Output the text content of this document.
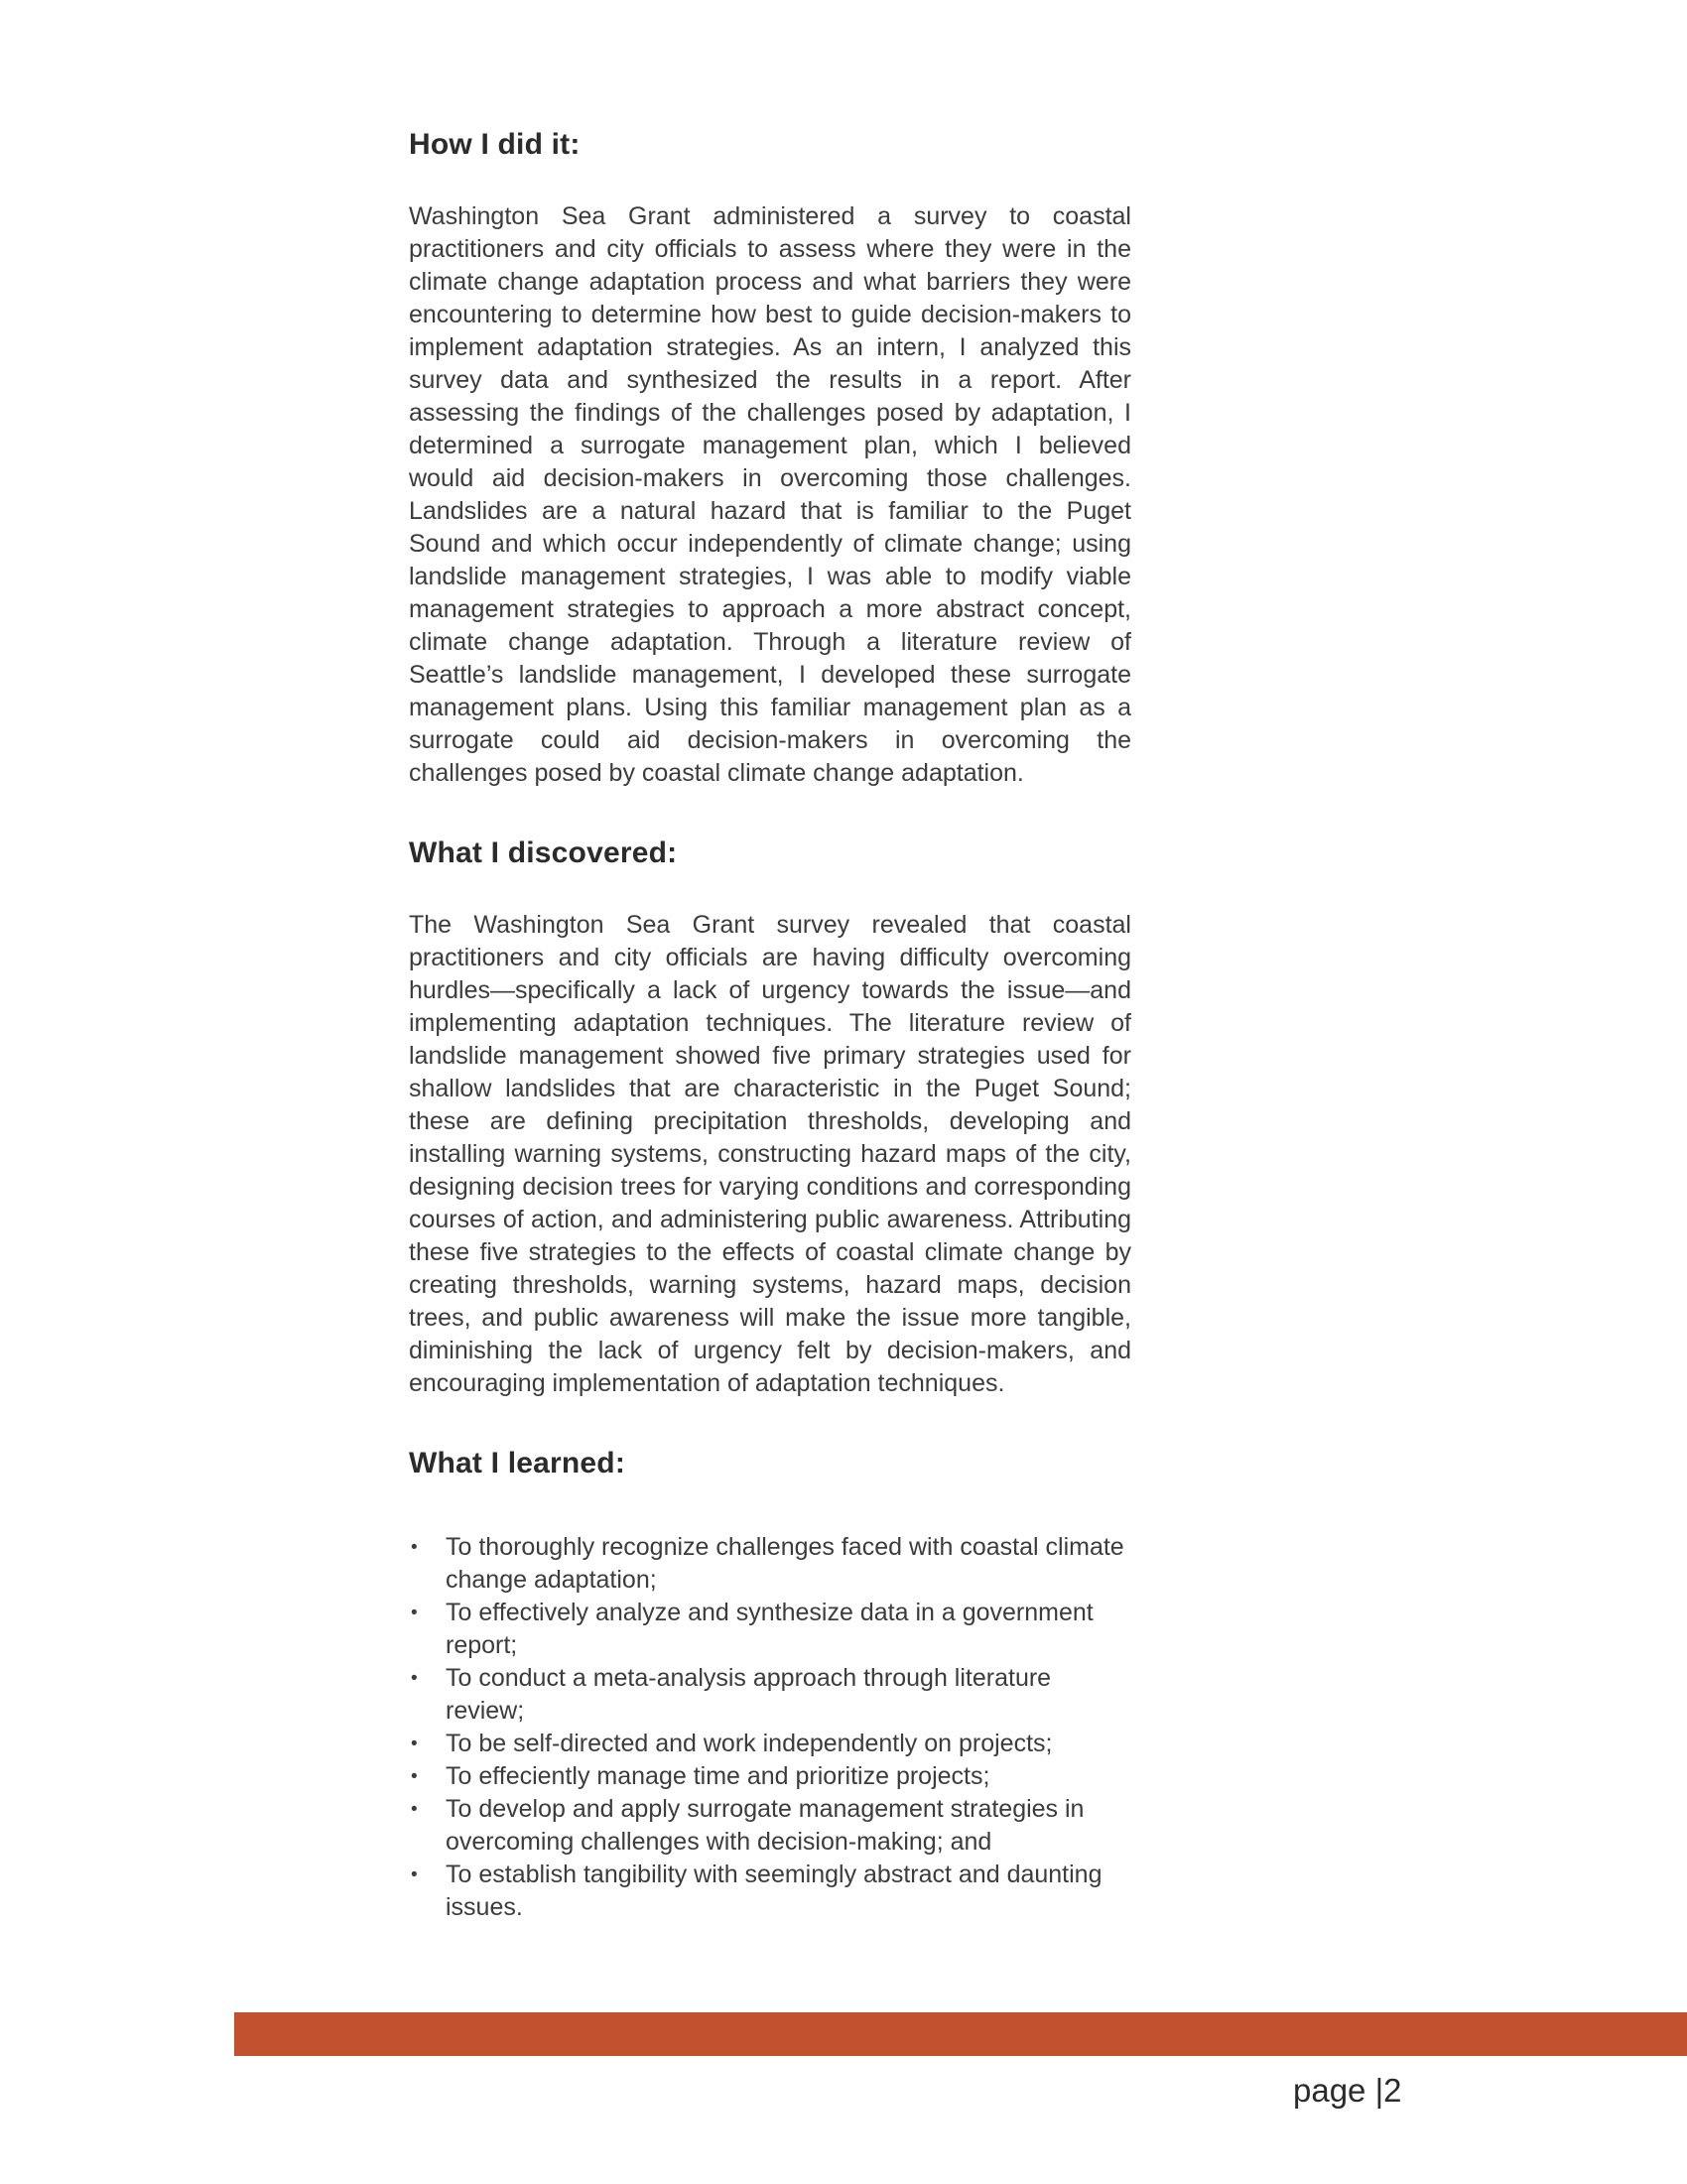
How I did it:

Washington Sea Grant administered a survey to coastal practitioners and city officials to assess where they were in the climate change adaptation process and what barriers they were encountering to determine how best to guide decision-makers to implement adaptation strategies. As an intern, I analyzed this survey data and synthesized the results in a report. After assessing the findings of the challenges posed by adaptation, I determined a surrogate management plan, which I believed would aid decision-makers in overcoming those challenges. Landslides are a natural hazard that is familiar to the Puget Sound and which occur independently of climate change; using landslide management strategies, I was able to modify viable management strategies to approach a more abstract concept, climate change adaptation. Through a literature review of Seattle’s landslide management, I developed these surrogate management plans. Using this familiar management plan as a surrogate could aid decision-makers in overcoming the challenges posed by coastal climate change adaptation.

What I discovered:

The Washington Sea Grant survey revealed that coastal practitioners and city officials are having difficulty overcoming hurdles—specifically a lack of urgency towards the issue—and implementing adaptation techniques. The literature review of landslide management showed five primary strategies used for shallow landslides that are characteristic in the Puget Sound; these are defining precipitation thresholds, developing and installing warning systems, constructing hazard maps of the city, designing decision trees for varying conditions and corresponding courses of action, and administering public awareness. Attributing these five strategies to the effects of coastal climate change by creating thresholds, warning systems, hazard maps, decision trees, and public awareness will make the issue more tangible, diminishing the lack of urgency felt by decision-makers, and encouraging implementation of adaptation techniques.

What I learned:
• To thoroughly recognize challenges faced with coastal climate change adaptation;
• To effectively analyze and synthesize data in a government report;
• To conduct a meta-analysis approach through literature review;
• To be self-directed and work independently on projects;
• To effeciently manage time and prioritize projects;
• To develop and apply surrogate management strategies in overcoming challenges with decision-making; and
• To establish tangibility with seemingly abstract and daunting issues.
page |2
